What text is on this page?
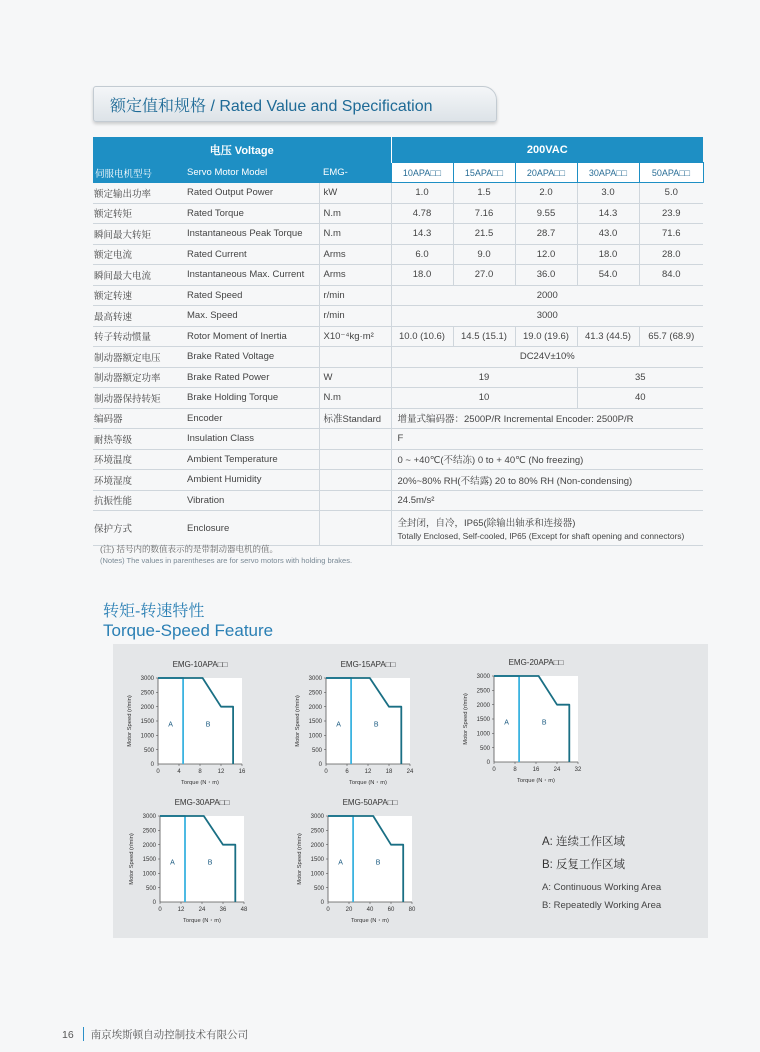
额定值和规格 / Rated Value and Specification
电压 Voltage			200VAC				
伺服电机型号	Servo Motor Model	EMG-	10APA□□	15APA□□	20APA□□	30APA□□	50APA□□
额定输出功率	Rated Output Power	kW	1.0	1.5	2.0	3.0	5.0
额定转矩	Rated Torque	N.m	4.78	7.16	9.55	14.3	23.9
瞬间最大转矩	Instantaneous Peak Torque	N.m	14.3	21.5	28.7	43.0	71.6
额定电流	Rated Current	Arms	6.0	9.0	12.0	18.0	28.0
瞬间最大电流	Instantaneous Max. Current	Arms	18.0	27.0	36.0	54.0	84.0
额定转速	Rated Speed	r/min	2000				
最高转速	Max. Speed	r/min	3000				
转子转动惯量	Rotor Moment of Inertia	X10⁻⁴kg·m²	10.0 (10.6)	14.5 (15.1)	19.0 (19.6)	41.3 (44.5)	65.7 (68.9)
制动器额定电压	Brake Rated Voltage		DC24V±10%				
制动器额定功率	Brake Rated Power	W	19			35	
制动器保持转矩	Brake Holding Torque	N.m	10			40	
编码器	Encoder	标准Standard	增量式编码器：2500P/R Incremental Encoder: 2500P/R				

耐热等级	Insulation Class		F				

环境温度	Ambient Temperature		0 ~ +40℃(不结冻) 0 to + 40℃ (No freezing)				

环境湿度	Ambient Humidity		20%~80% RH(不结露) 20 to 80% RH (Non-condensing)				

抗振性能	Vibration		24.5m/s²				

保护方式	Enclosure		全封闭，自冷，IP65(除输出轴承和连接器)
Totally Enclosed, Self-cooled, IP65 (Except for shaft opening and connectors)				
(注) 括号内的数值表示的是带制动器电机的值。
(Notes) The values in parentheses are for servo motors with holding brakes.
转矩-转速特性
Torque-Speed Feature
EMG-10APA□□
500
1000
1500
2000
2500
3000
0
0	4	8	12 16
Torque (N・m)
Motor Speed (r/min)	A	B
EMG-15APA□□
500
1000
1500
2000
2500
3000
0
0	6	12 18 24
Torque (N・m)
Motor Speed (r/min)	A	B
EMG-20APA□□
500
1000
1500
2000
2500
3000
0
0	8	16 24 32
Torque (N・m)
Motor Speed (r/min)	A	B
EMG-30APA□□
500
1000
1500
2000
2500
3000
0
0	12 24 36 48
Torque (N・m)
Motor Speed (r/min)	A	B
EMG-50APA□□
500
1000
1500
2000
2500
3000
0
0	20 40 60 80
Torque (N・m)
Motor Speed (r/min)	A	B
A: 连续工作区域
B: 反复工作区域
A: Continuous Working Area
B: Repeatedly Working Area
16 南京埃斯顿自动控制技术有限公司
